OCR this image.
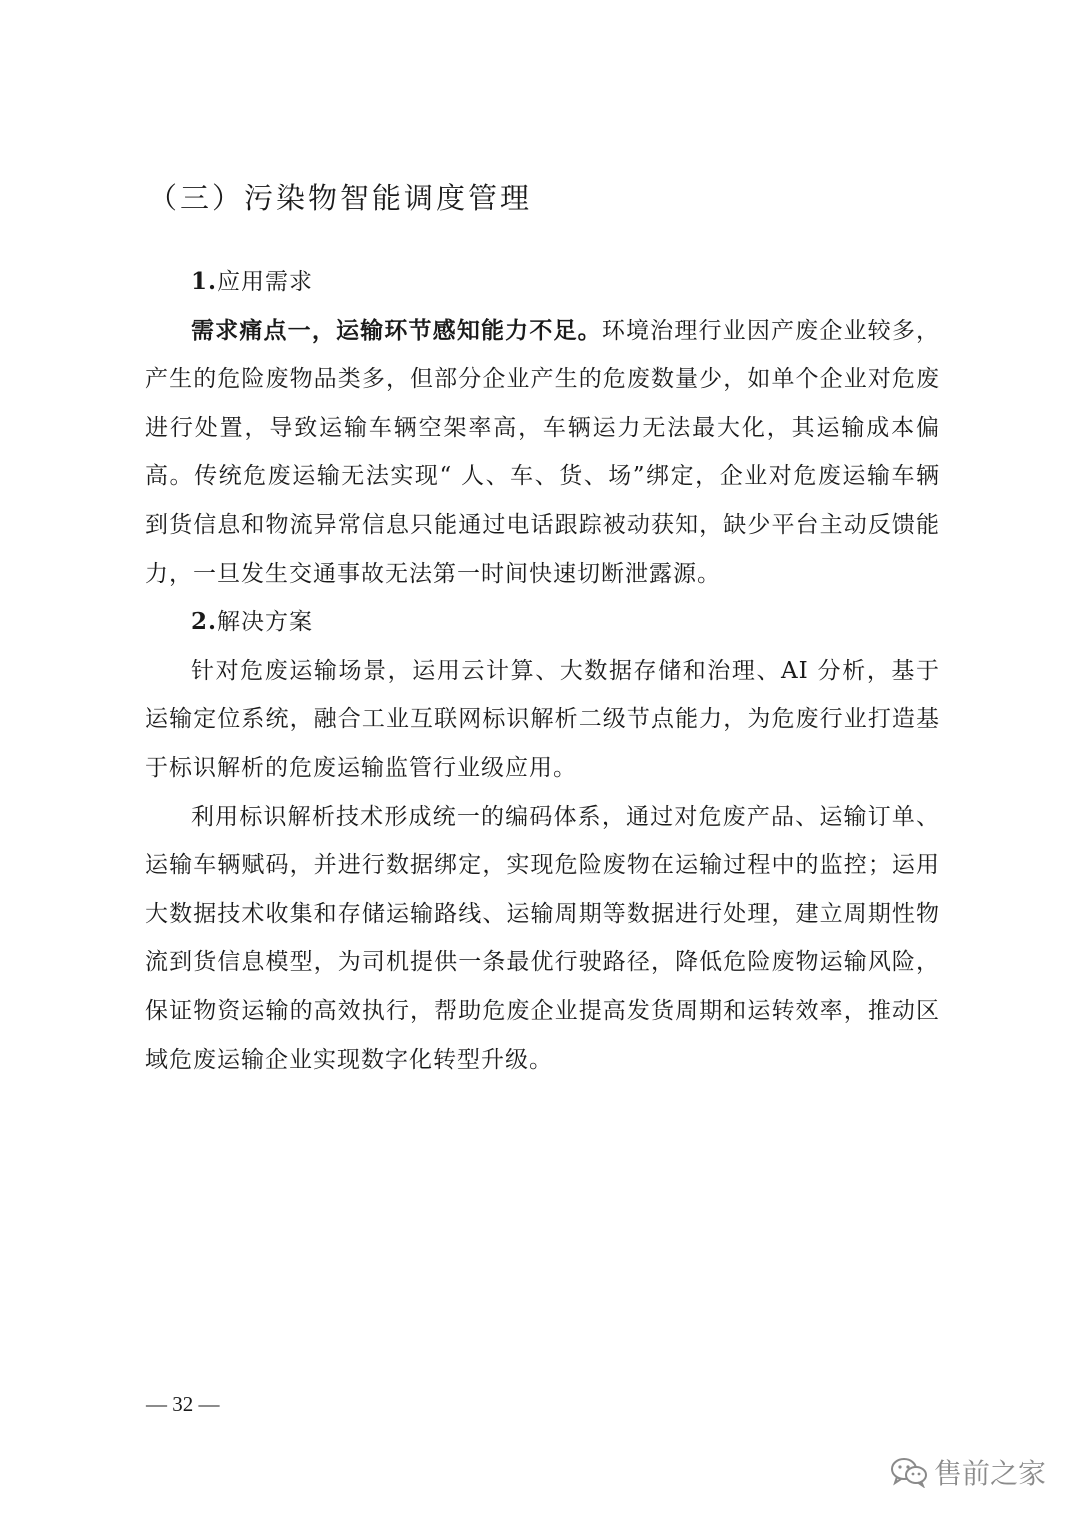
（三）污染物智能调度管理

1.应用需求

需求痛点一，运输环节感知能力不足。环境治理行业因产废企业较多，产生的危险废物品类多，但部分企业产生的危废数量少，如单个企业对危废进行处置，导致运输车辆空架率高，车辆运力无法最大化，其运输成本偏高。传统危废运输无法实现“ 人、车、货、场”绑定，企业对危废运输车辆到货信息和物流异常信息只能通过电话跟踪被动获知，缺少平台主动反馈能力，一旦发生交通事故无法第一时间快速切断泄露源。

2.解决方案

针对危废运输场景，运用云计算、大数据存储和治理、AI 分析，基于运输定位系统，融合工业互联网标识解析二级节点能力，为危废行业打造基于标识解析的危废运输监管行业级应用。

利用标识解析技术形成统一的编码体系，通过对危废产品、运输订单、运输车辆赋码，并进行数据绑定，实现危险废物在运输过程中的监控；运用大数据技术收集和存储运输路线、运输周期等数据进行处理，建立周期性物流到货信息模型，为司机提供一条最优行驶路径，降低危险废物运输风险，保证物资运输的高效执行，帮助危废企业提高发货周期和运转效率，推动区域危废运输企业实现数字化转型升级。

— 32 —
售前之家
